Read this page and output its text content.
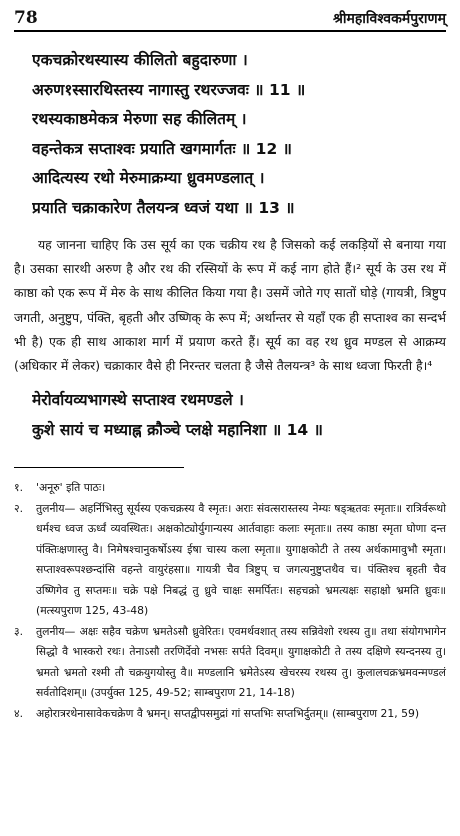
78	श्रीमहाविश्वकर्मपुराणम्
एकचक्रोरथस्यास्य कीलितो बहुदारुणा ।
अरुण१स्सारथिस्तस्य नागास्तु रथरज्जवः ॥ 11 ॥
रथस्यकाष्ठमेकत्र मेरुणा सह कीलितम् ।
वहन्तेकत्र सप्ताश्वः प्रयाति खगमार्गतः ॥ 12 ॥
आदित्यस्य रथो मेरुमाक्रम्या ध्रुवमण्डलात् ।
प्रयाति चक्राकारेण तैलयन्त्र ध्वजं यथा ॥ 13 ॥
यह जानना चाहिए कि उस सूर्य का एक चक्रीय रथ है जिसको कई लकड़ियों से बनाया गया है। उसका सारथी अरुण है और रथ की रस्सियों के रूप में कई नाग होते हैं।² सूर्य के उस रथ में काष्ठा को एक रूप में मेरु के साथ कीलित किया गया है। उसमें जोते गए सातों घोड़े (गायत्री, त्रिष्टुप जगती, अनुष्टुप, पंक्ति, बृहती और उष्णिक् के रूप में; अर्थान्तर से यहाँ एक ही सप्ताश्व का सन्दर्भ भी है) एक ही साथ आकाश मार्ग में प्रयाण करते हैं। सूर्य का वह रथ ध्रुव मण्डल से आक्रम्य (अधिकार में लेकर) चक्राकार वैसे ही निरन्तर चलता है जैसे तैलयन्त्र³ के साथ ध्वजा फिरती है।⁴
मेरोर्वायव्यभागस्थे सप्ताश्व रथमण्डले ।
कुशे सायं च मध्याह्न क्रौञ्चे प्लक्षे महानिशा ॥ 14 ॥
१.	'अनूरु' इति पाठः।
२.	तुलनीय— अहर्निभिस्तु सूर्यस्य एकचक्रस्य वै स्मृतः। अराः संवत्सरास्तस्य नेम्यः षड्ऋतवः स्मृताः॥ रात्रिर्वरूथो धर्मश्च ध्वज ऊर्ध्वं व्यवस्थितः। अक्षकोट्योर्युगान्यस्य आर्तवाहाः कलाः स्मृताः॥ तस्य काष्ठा स्मृता घोणा दन्त पंक्तिःक्षणास्तु वै। निमेषश्चानुकर्षोऽस्य ईषा चास्य कला स्मृता॥ युगाक्षकोटी ते तस्य अर्थकामावुभौ स्मृता। सप्ताश्वरूपश्छन्दांसि वहन्ते वायुरंहसा॥ गायत्री चैव त्रिष्टुप् च जगत्यनुष्टुप्तथैव च। पंक्तिश्च बृहती चैव उष्णिगेव तु सप्तमः॥ चक्रे पक्षे निबद्धं तु ध्रुवे चाक्षः समर्पितः। सहचक्रो भ्रमत्यक्षः सहाक्षो भ्रमति ध्रुवः॥ (मत्स्यपुराण 125, 43-48)
३.	तुलनीय— अक्षः सहैव चक्रेण भ्रमतेऽसौ ध्रुवेरितः। एवमर्थवशात् तस्य सन्निवेशो रथस्य तु॥ तथा संयोगभागेन सिद्धो वै भास्करो रथः। तेनाऽसौ तरणिर्देवो नभसः सर्पते दिवम्॥ युगाक्षकोटी ते तस्य दक्षिणे स्यन्दनस्य तु। भ्रमतो भ्रमतो रश्मी तौ चक्रयुगयोस्तु वै॥ मण्डलानि भ्रमेतेऽस्य खेचरस्य रथस्य तु। कुलालचक्रभ्रमवन्मण्डलं सर्वतोदिशम्॥ (उपर्युक्त 125, 49-52; साम्बपुराण 21, 14-18)
४.	अहोरात्ररथेनासावेकचक्रेण वै भ्रमन्। सप्तद्वीपसमुद्रां गां सप्तभिः सप्तभिर्दुतम्॥ (साम्बपुराण 21, 59)
